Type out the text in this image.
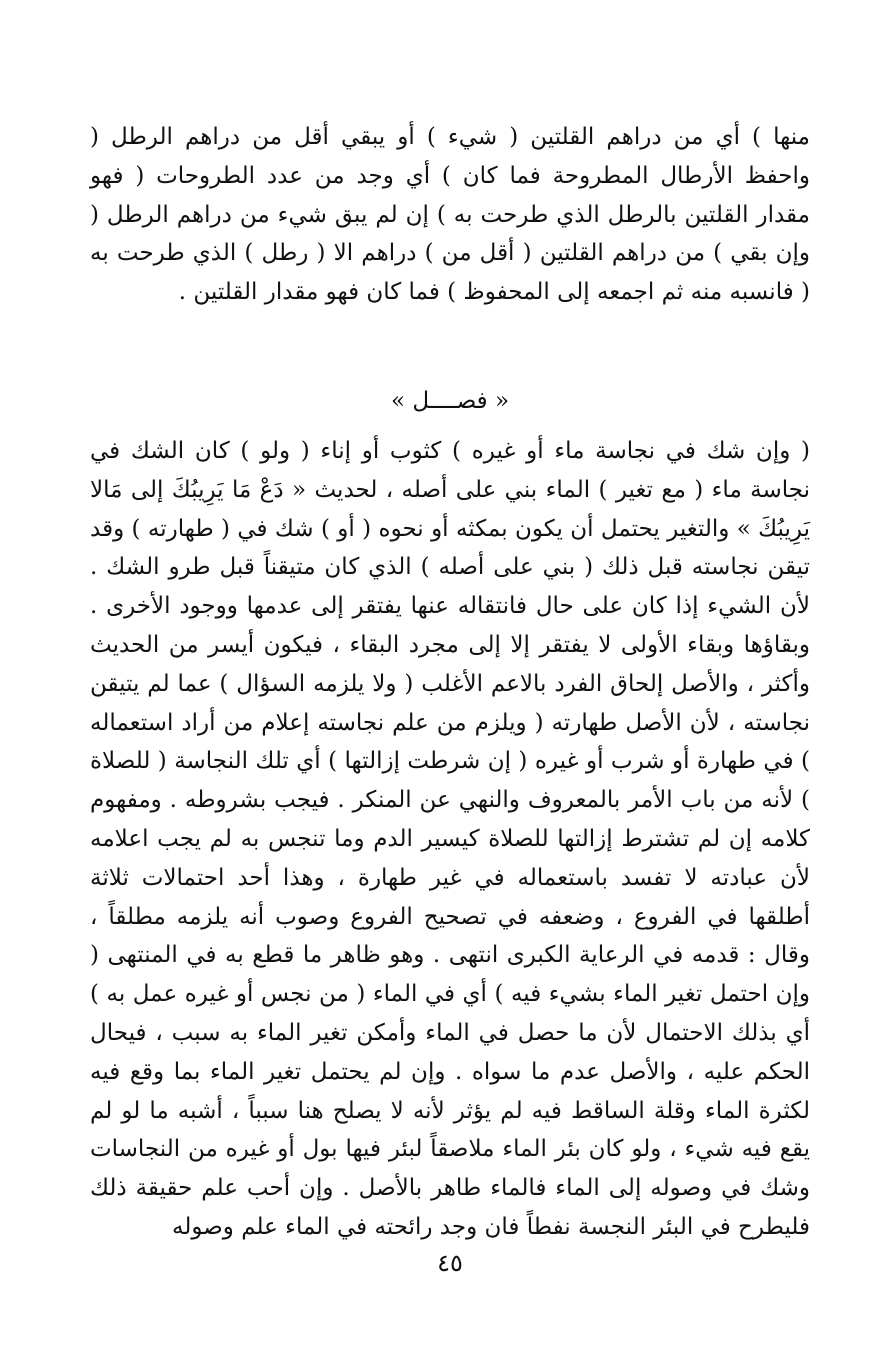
منها ) أي من دراهم القلتين ( شيء ) أو يبقي أقل من دراهم الرطل ( واحفظ الأرطال المطروحة فما كان ) أي وجد من عدد الطروحات ( فهو مقدار القلتين بالرطل الذي طرحت به ) إن لم يبق شيء من دراهم الرطل ( وإن بقي ) من دراهم القلتين ( أقل من ) دراهم الا ( رطل ) الذي طرحت به ( فانسبه منه ثم اجمعه إلى المحفوظ ) فما كان فهو مقدار القلتين .

« فصــــل »

( وإن شك في نجاسة ماء أو غيره ) كثوب أو إناء ( ولو ) كان الشك في نجاسة ماء ( مع تغير ) الماء بني على أصله ، لحديث « دَعْ مَا يَرِيبُكَ إلى مَالا يَرِيبُكَ » والتغير يحتمل أن يكون بمكثه أو نحوه ( أو ) شك في ( طهارته ) وقد تيقن نجاسته قبل ذلك ( بني على أصله ) الذي كان متيقناً قبل طرو الشك . لأن الشيء إذا كان على حال فانتقاله عنها يفتقر إلى عدمها ووجود الأخرى . وبقاؤها وبقاء الأولى لا يفتقر إلا إلى مجرد البقاء ، فيكون أيسر من الحديث وأكثر ، والأصل إلحاق الفرد بالاعم الأغلب ( ولا يلزمه السؤال ) عما لم يتيقن نجاسته ، لأن الأصل طهارته ( ويلزم من علم نجاسته إعلام من أراد استعماله ) في طهارة أو شرب أو غيره ( إن شرطت إزالتها ) أي تلك النجاسة ( للصلاة ) لأنه من باب الأمر بالمعروف والنهي عن المنكر . فيجب بشروطه . ومفهوم كلامه إن لم تشترط إزالتها للصلاة كيسير الدم وما تنجس به لم يجب اعلامه لأن عبادته لا تفسد باستعماله في غير طهارة ، وهذا أحد احتمالات ثلاثة أطلقها في الفروع ، وضعفه في تصحيح الفروع وصوب أنه يلزمه مطلقاً ، وقال : قدمه في الرعاية الكبرى انتهى . وهو ظاهر ما قطع به في المنتهى ( وإن احتمل تغير الماء بشيء فيه ) أي في الماء ( من نجس أو غيره عمل به ) أي بذلك الاحتمال لأن ما حصل في الماء وأمكن تغير الماء به سبب ، فيحال الحكم عليه ، والأصل عدم ما سواه . وإن لم يحتمل تغير الماء بما وقع فيه لكثرة الماء وقلة الساقط فيه لم يؤثر لأنه لا يصلح هنا سبباً ، أشبه ما لو لم يقع فيه شيء ، ولو كان بئر الماء ملاصقاً لبئر فيها بول أو غيره من النجاسات وشك في وصوله إلى الماء فالماء طاهر بالأصل . وإن أحب علم حقيقة ذلك فليطرح في البئر النجسة نفطاً فان وجد رائحته في الماء علم وصوله

٤٥
